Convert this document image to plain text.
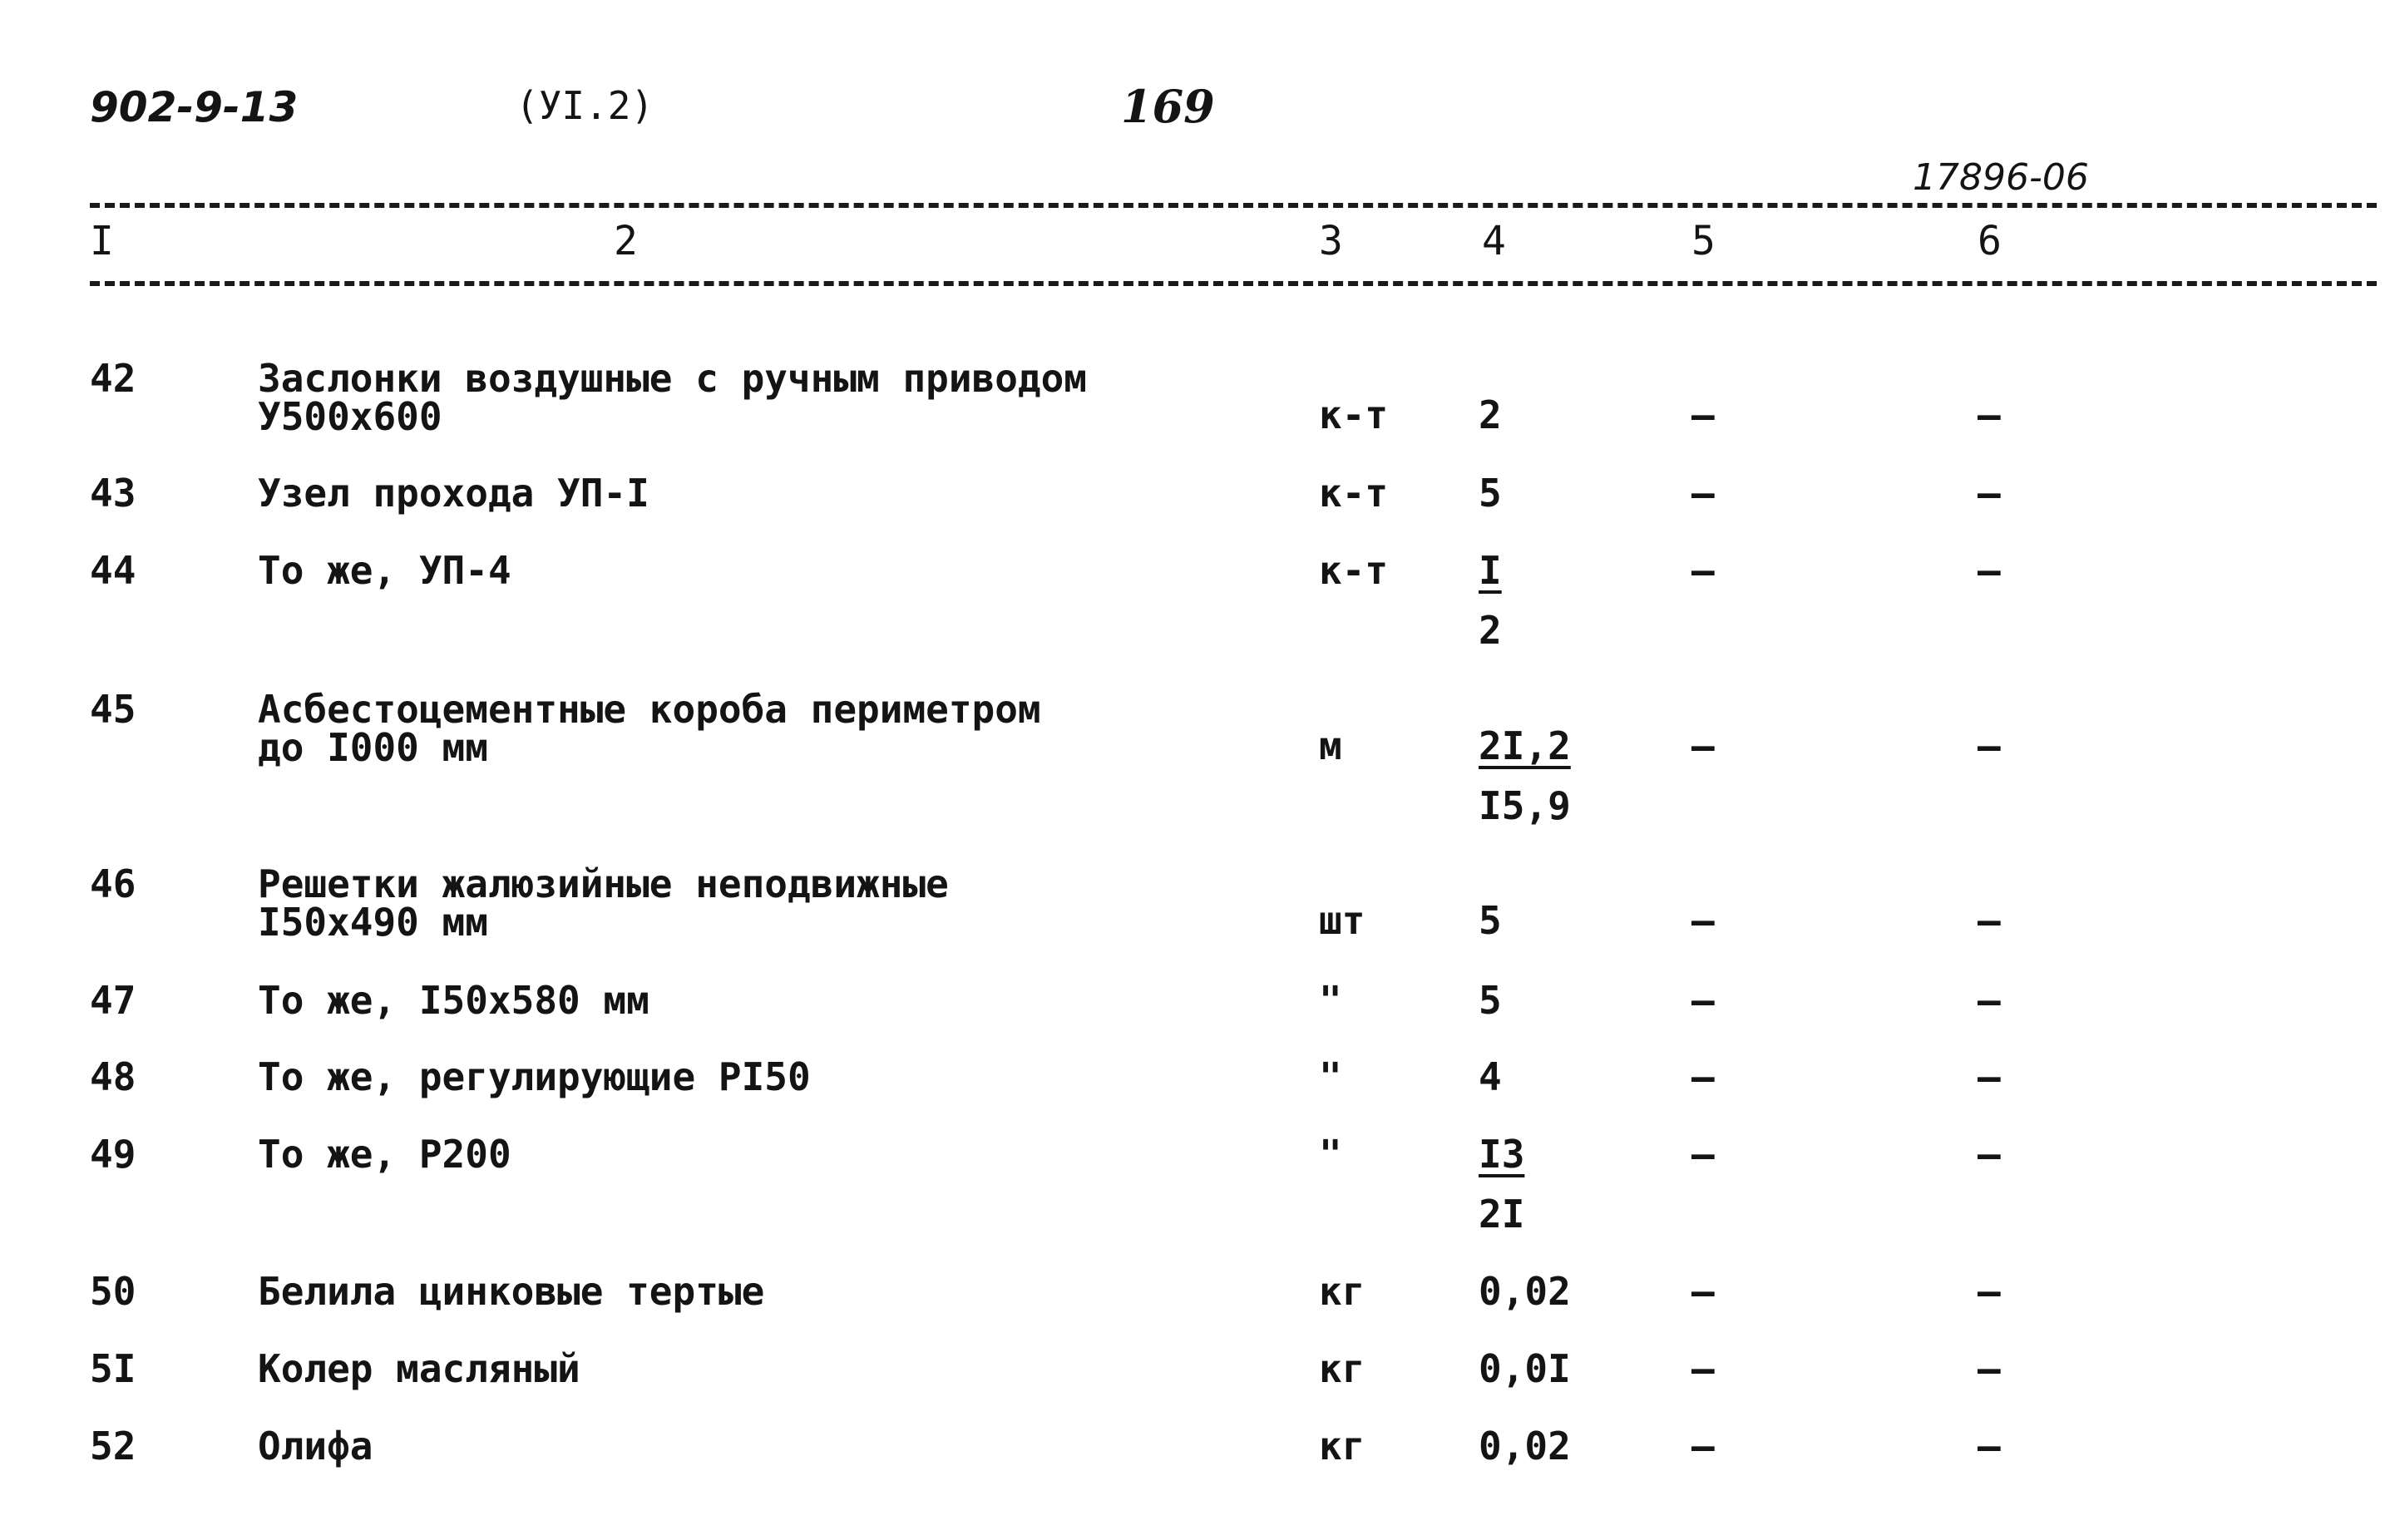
902-9-13	(УI.2)	169
17896-06
I	2	3	4	5	6
42	Заслонки воздушные с ручным приводом
У500х600	к-т 2	–	–
43	Узел прохода УП-I	к-т 5	–	–
44	То же, УП-4	$к-т \frac{I}{2}$	–	–
45	Асбестоцементные короба периметром
до I000 мм	м	$\frac{2I,2}{I5,9}$	–	–
46	Решетки жалюзийные неподвижные
I50х490 мм	шт	5	–	–
47	То же, I50х580 мм	"	5	–	–
48	То же, регулирующие РI50	"	4	–	–
49	То же, Р200	"	$\frac{I3}{2I}$	–	–
50	Белила цинковые тертые	кг	0,02	–	–
5I	Колер масляный	кг	0,0I	–	–
52	Олифа	кг	0,02	–	–
